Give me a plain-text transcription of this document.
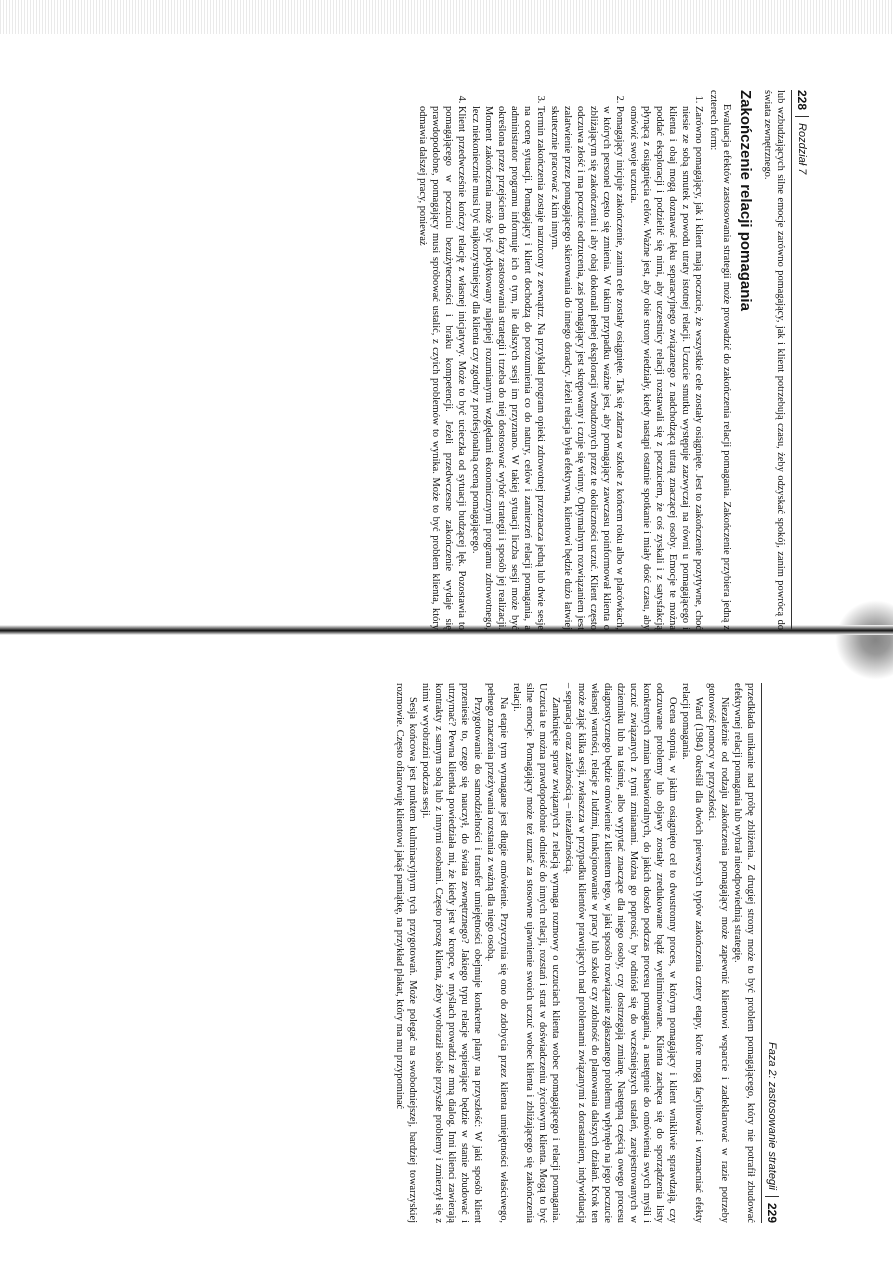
228
Rozdział 7

lub wzbudzających silne emocje zarówno pomagający, jak i klient potrzebują czasu, żeby odzyskać spokój, zanim powrócą do świata zewnętrznego.

Zakończenie relacji pomagania

Ewaluacja efektów zastosowania strategii może prowadzić do zakończenia relacji pomagania. Zakończenie przybiera jedną z czterech form:

1. Zarówno pomagający, jak i klient mają poczucie, że wszystkie cele zostały osiągnięte. Jest to zakończenie pozytywne, choć niesie ze sobą smutek z powodu utraty istotnej relacji. Uczucie smutku występuje zazwyczaj na równi u pomagającego i klienta i obaj mogą doznawać lęku separacyjnego związanego z nadchodzącą utratą znaczącej osoby. Emocje te można poddać eksploracji i podzielić się nimi, aby uczestnicy relacji rozstawali się z poczuciem, że coś zyskali i z satysfakcją płynącą z osiągnięcia celów. Ważne jest, aby obie strony wiedziały, kiedy nastąpi ostatnie spotkanie i miały dość czasu, aby omówić swoje uczucia.
2. Pomagający inicjuje zakończenie, zanim cele zostały osiągnięte. Tak się zdarza w szkole z końcem roku albo w placówkach, w których personel często się zmienia. W takim przypadku ważne jest, aby pomagający zawczasu poinformował klienta o zbliżającym się zakończeniu i aby obaj dokonali pełnej eksploracji wzbudzonych przez te okoliczności uczuć. Klient często odczuwa złość i ma poczucie odrzucenia, zaś pomagający jest skrępowany i czuje się winny. Optymalnym rozwiązaniem jest zalatwienie przez pomagającego skierowania do innego doradcy. Jeżeli relacja była efektywna, klientowi będzie dużo łatwiej skutecznie pracować z kim innym.
3. Termin zakończenia zostaje narzucony z zewnątrz. Na przykład program opieki zdrowotnej przeznacza jedną lub dwie sesje na ocenę sytuacji. Pomagający i klient dochodzą do porozumienia co do natury, celów i zamierzeń relacji pomagania, a administrator programu informuje ich o tym, ile dalszych sesji im przyznano. W takiej sytuacji liczba sesji może być określona przez przejściem do fazy zastosowania strategii i trzeba do niej dostosować wybór strategii i sposób jej realizacji. Moment zakończenia może być podyktowany najlepiej rozumianymi względami ekonomicznymi programu zdrowotnego, lecz niekoniecznie musi być najkorzystniejszy dla klienta czy zgodny z profesjonalną oceną pomagającego.
4. Klient przedwcześnie kończy relację z własnej inicjatywy. Może to być ucieczka od sytuacji budzącej lęk. Pozostawia to pomagającego w poczuciu bezużyteczności i braku kompetencji. Jeżeli przedwczesne zakończenie wydaje się prawdopodobne, pomagający musi spróbować ustalić, z czyich problemów to wynika. Może to być problem klienta, który odmawia dalszej pracy, ponieważ
Faza 2: zastosowanie strategii
229

przedkłada unikanie nad próbę zbliżenia. Z drugiej strony może to być problem pomagającego, który nie potrafił zbudować efektywnej relacji pomagania lub wybrał nieodpowiednią strategię.

Niezależnie od rodzaju zakończenia pomagający może zapewnić klientowi wsparcie i zadeklarować w razie potrzeby gotowość pomocy w przyszłości.

Ward (1984) określił dla dwóch pierwszych typów zakończenia cztery etapy, które mogą facylitować i wzmacniać efekty relacji pomagania.

Ocena stopnia, w jakim osiągnięto cel to dwustronny proces, w którym pomagający i klient wnikliwie sprawdzają, czy odczuwane problemy lub objawy zostały zredukowane bądź wyeliminowane. Klienta zachęca się do sporządzenia listy konkretnych zmian behawioralnych, do jakich doszło podczas procesu pomagania, a następnie do omówienia swych myśli i uczuć związanych z tymi zmianami. Można go poprosić, by odniósł się do wcześniejszych ustaleń, zarejestrowanych w dzienniku lub na taśmie, albo wypytać znaczące dla niego osoby, czy dostrzegają zmianę. Następną częścią owego procesu diagnostycznego będzie omówienie z klientem tego, w jaki sposób rozwiązanie zgłaszanego problemu wpłynęło na jego poczucie własnej wartości, relacje z ludźmi, funkcjonowanie w pracy lub szkole czy zdolność do planowania dalszych działań. Krok ten może zająć kilka sesji, zwłaszcza w przypadku klientów prawujących nad problemami związanymi z dorastaniem, indywiduacją – separacja oraz zależnością – niezależnością.

Zamknięcie spraw związanych z relacją wymaga rozmowy o uczuciach klienta wobec pomagającego i relacji pomagania. Uczucia te można prawdopodobnie odnieść do innych relacji, rozstań i strat w doświadczeniu życiowym klienta. Mogą to być silne emocje. Pomagający może też uznać za stosowne ujawnienie swoich uczuć wobec klienta i zbliżającego się zakończenia relacji.

Na etapie tym wymagane jest długie omówienie. Przyczynia się ono do zdobycia przez klienta umiejętności właściwego, pełnego znaczenia przeżywania rozstania z ważną dla niego osobą.

Przygotowanie do samodzielności i transfer umiejętności obejmuje konkretne plany na przyszłość: W jaki sposób klient przeniesie to, czego się nauczył, do świata zewnętrznego? Jakiego typu relacje wspierające będzie w stanie zbudować i utrzymać? Pewna klientka powiedziała mi, że kiedy jest w kropce, w myślach prowadzi ze mną dialog. Inni klienci zawierają kontrakty z samym sobą lub z innymi osobami. Często proszę klienta, żeby wyobraził sobie przyszłe problemy i zmierzył się z nimi w wyobraźni podczas sesji.

Sesja końcowa jest punktem kulminacyjnym tych przygotowań. Może polegać na swobodniejszej, bardziej towarzyskiej rozmowie. Często ofiarowuję klientowi jakąś pamiątkę, na przykład plakat, który ma mu przypominać
